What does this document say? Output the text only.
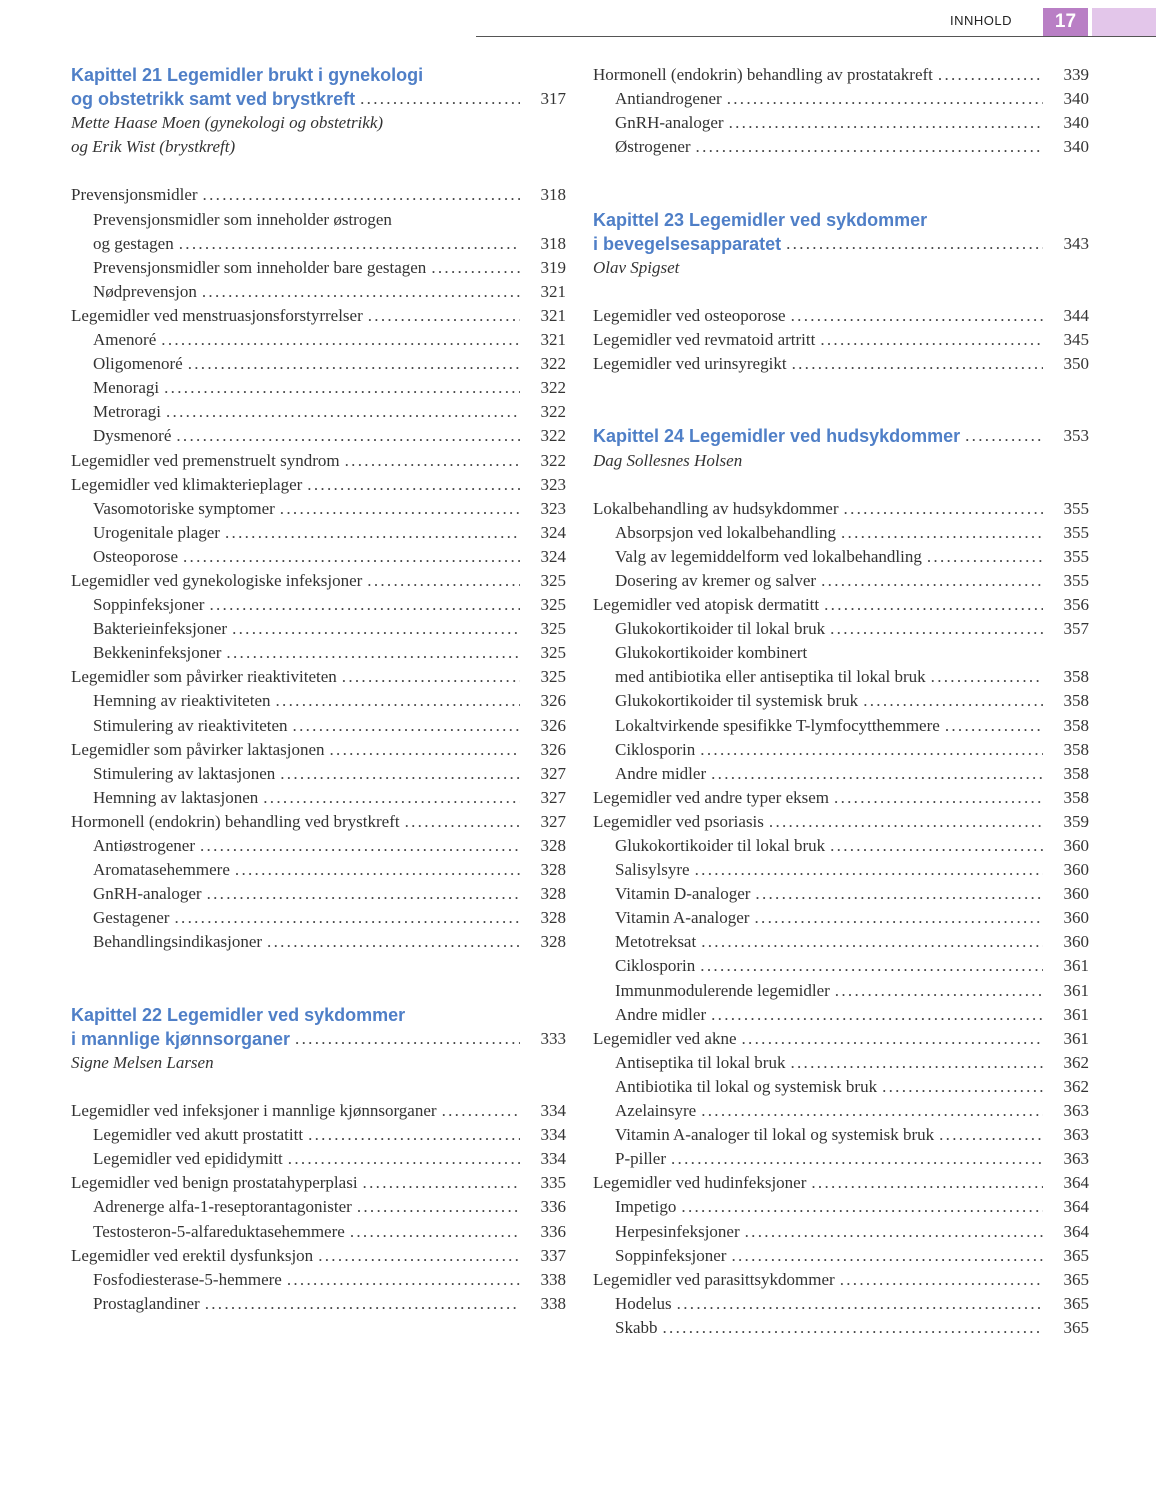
INNHOLD	17
Kapittel 21 Legemidler brukt i gynekologi
og obstetrikk samt ved brystkreft .....	317
Mette Haase Moen (gynekologi og obstetrikk)
og Erik Wist (brystkreft)
Prevensjonsmidler .....	318
Prevensjonsmidler som inneholder østrogen
og gestagen .....	318
Prevensjonsmidler som inneholder bare gestagen .....	319
Nødprevensjon .....	321
Legemidler ved menstruasjonsforstyrrelser .....	321
Amenoré .....	321
Oligomenoré .....	322
Menoragi .....	322
Metroragi .....	322
Dysmenoré .....	322
Legemidler ved premenstruelt syndrom .....	322
Legemidler ved klimakterieplager .....	323
Vasomotoriske symptomer .....	323
Urogenitale plager .....	324
Osteoporose .....	324
Legemidler ved gynekologiske infeksjoner .....	325
Soppinfeksjoner .....	325
Bakterieinfeksjoner .....	325
Bekkeninfeksjoner .....	325
Legemidler som påvirker rieaktiviteten .....	325
Hemning av rieaktiviteten .....	326
Stimulering av rieaktiviteten .....	326
Legemidler som påvirker laktasjonen .....	326
Stimulering av laktasjonen .....	327
Hemning av laktasjonen .....	327
Hormonell (endokrin) behandling ved brystkreft .....	327
Antiøstrogener .....	328
Aromatasehemmere .....	328
GnRH-analoger .....	328
Gestagener .....	328
Behandlingsindikasjoner .....	328
Kapittel 22 Legemidler ved sykdommer
i mannlige kjønnsorganer .....	333
Signe Melsen Larsen
Legemidler ved infeksjoner i mannlige kjønnsorganer .....	334
Legemidler ved akutt prostatitt .....	334
Legemidler ved epididymitt .....	334
Legemidler ved benign prostatahyperplasi .....	335
Adrenerge alfa-1-reseptorantagonister .....	336
Testosteron-5-alfareduktasehemmere .....	336
Legemidler ved erektil dysfunksjon .....	337
Fosfodiesterase-5-hemmere .....	338
Prostaglandiner .....	338
Hormonell (endokrin) behandling av prostatakreft .....	339
Antiandrogener .....	340
GnRH-analoger .....	340
Østrogener .....	340
Kapittel 23 Legemidler ved sykdommer
i bevegelsesapparatet .....	343
Olav Spigset
Legemidler ved osteoporose .....	344
Legemidler ved revmatoid artritt .....	345
Legemidler ved urinsyregikt .....	350
Kapittel 24 Legemidler ved hudsykdommer .....	353
Dag Sollesnes Holsen
Lokalbehandling av hudsykdommer .....	355
Absorpsjon ved lokalbehandling .....	355
Valg av legemiddelform ved lokalbehandling .....	355
Dosering av kremer og salver .....	355
Legemidler ved atopisk dermatitt .....	356
Glukokortikoider til lokal bruk .....	357
Glukokortikoider kombinert
med antibiotika eller antiseptika til lokal bruk .....	358
Glukokortikoider til systemisk bruk .....	358
Lokaltvirkende spesifikke T-lymfocytthemmere .....	358
Ciklosporin .....	358
Andre midler .....	358
Legemidler ved andre typer eksem .....	358
Legemidler ved psoriasis .....	359
Glukokortikoider til lokal bruk .....	360
Salisylsyre .....	360
Vitamin D-analoger .....	360
Vitamin A-analoger .....	360
Metotreksat .....	360
Ciklosporin .....	361
Immunmodulerende legemidler .....	361
Andre midler .....	361
Legemidler ved akne .....	361
Antiseptika til lokal bruk .....	362
Antibiotika til lokal og systemisk bruk .....	362
Azelainsyre .....	363
Vitamin A-analoger til lokal og systemisk bruk .....	363
P-piller .....	363
Legemidler ved hudinfeksjoner .....	364
Impetigo .....	364
Herpesinfeksjoner .....	364
Soppinfeksjoner .....	365
Legemidler ved parasittsykdommer .....	365
Hodelus .....	365
Skabb .....	365
